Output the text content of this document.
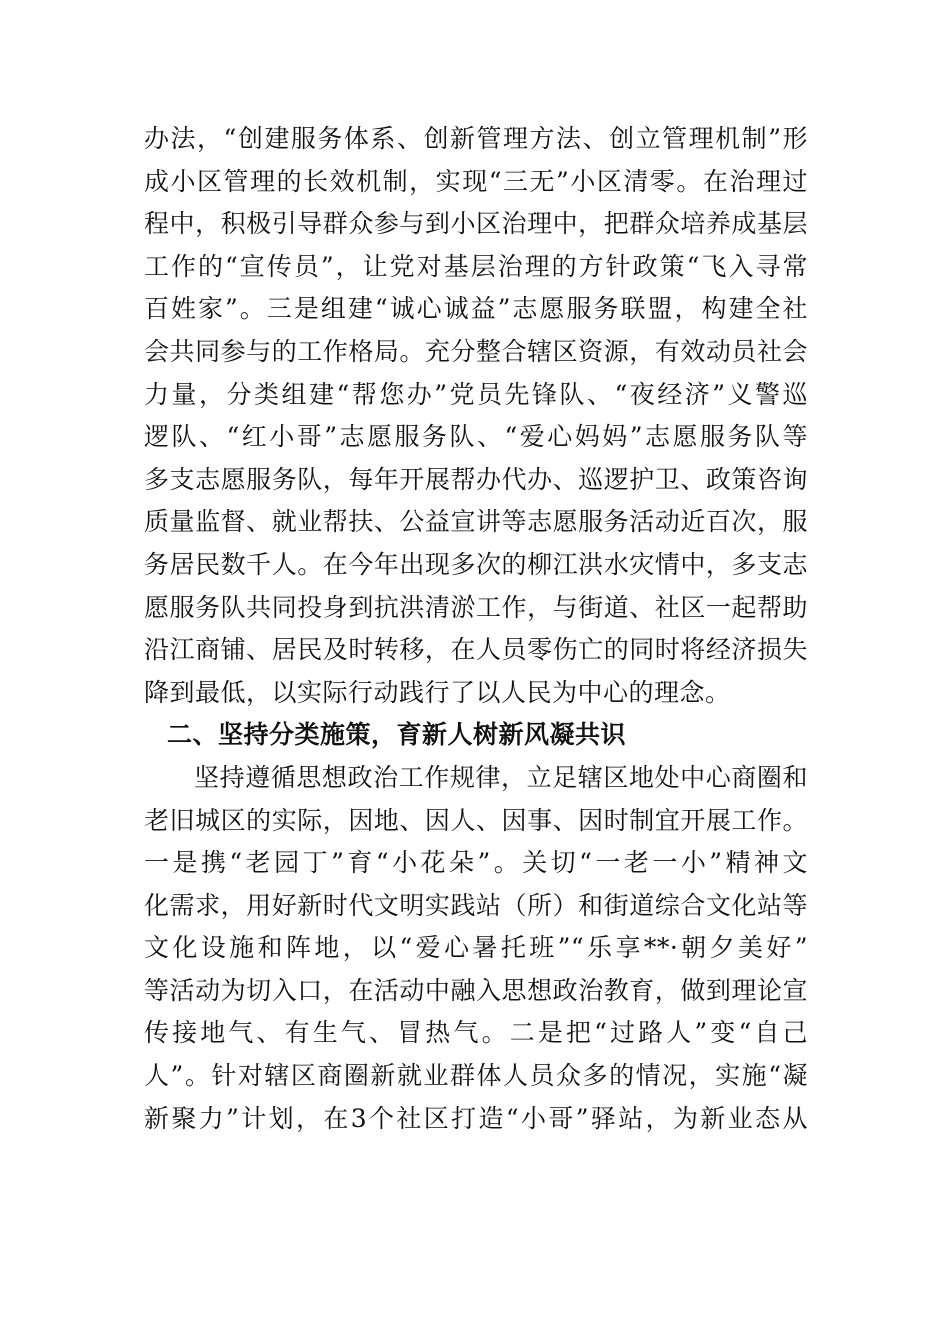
办法，“创建服务体系、创新管理方法、创立管理机制”形
成小区管理的长效机制，实现“三无”小区清零。在治理过
程中，积极引导群众参与到小区治理中，把群众培养成基层
工作的“宣传员”，让党对基层治理的方针政策“飞入寻常
百姓家”。三是组建“诚心诚益”志愿服务联盟，构建全社
会共同参与的工作格局。充分整合辖区资源，有效动员社会
力量，分类组建“帮您办”党员先锋队、“夜经济”义警巡
逻队、“红小哥”志愿服务队、“爱心妈妈”志愿服务队等
多支志愿服务队，每年开展帮办代办、巡逻护卫、政策咨询
质量监督、就业帮扶、公益宣讲等志愿服务活动近百次，服
务居民数千人。在今年出现多次的柳江洪水灾情中，多支志
愿服务队共同投身到抗洪清淤工作，与街道、社区一起帮助
沿江商铺、居民及时转移，在人员零伤亡的同时将经济损失
降到最低，以实际行动践行了以人民为中心的理念。
二、坚持分类施策，育新人树新风凝共识
坚持遵循思想政治工作规律，立足辖区地处中心商圈和
老旧城区的实际，因地、因人、因事、因时制宜开展工作。
一是携“老园丁”育“小花朵”。关切“一老一小”精神文
化需求，用好新时代文明实践站（所）和街道综合文化站等
文化设施和阵地，以“爱心暑托班”“乐享**·朝夕美好”
等活动为切入口，在活动中融入思想政治教育，做到理论宣
传接地气、有生气、冒热气。二是把“过路人”变“自己
人”。针对辖区商圈新就业群体人员众多的情况，实施“凝
新聚力”计划，在3个社区打造“小哥”驿站，为新业态从
